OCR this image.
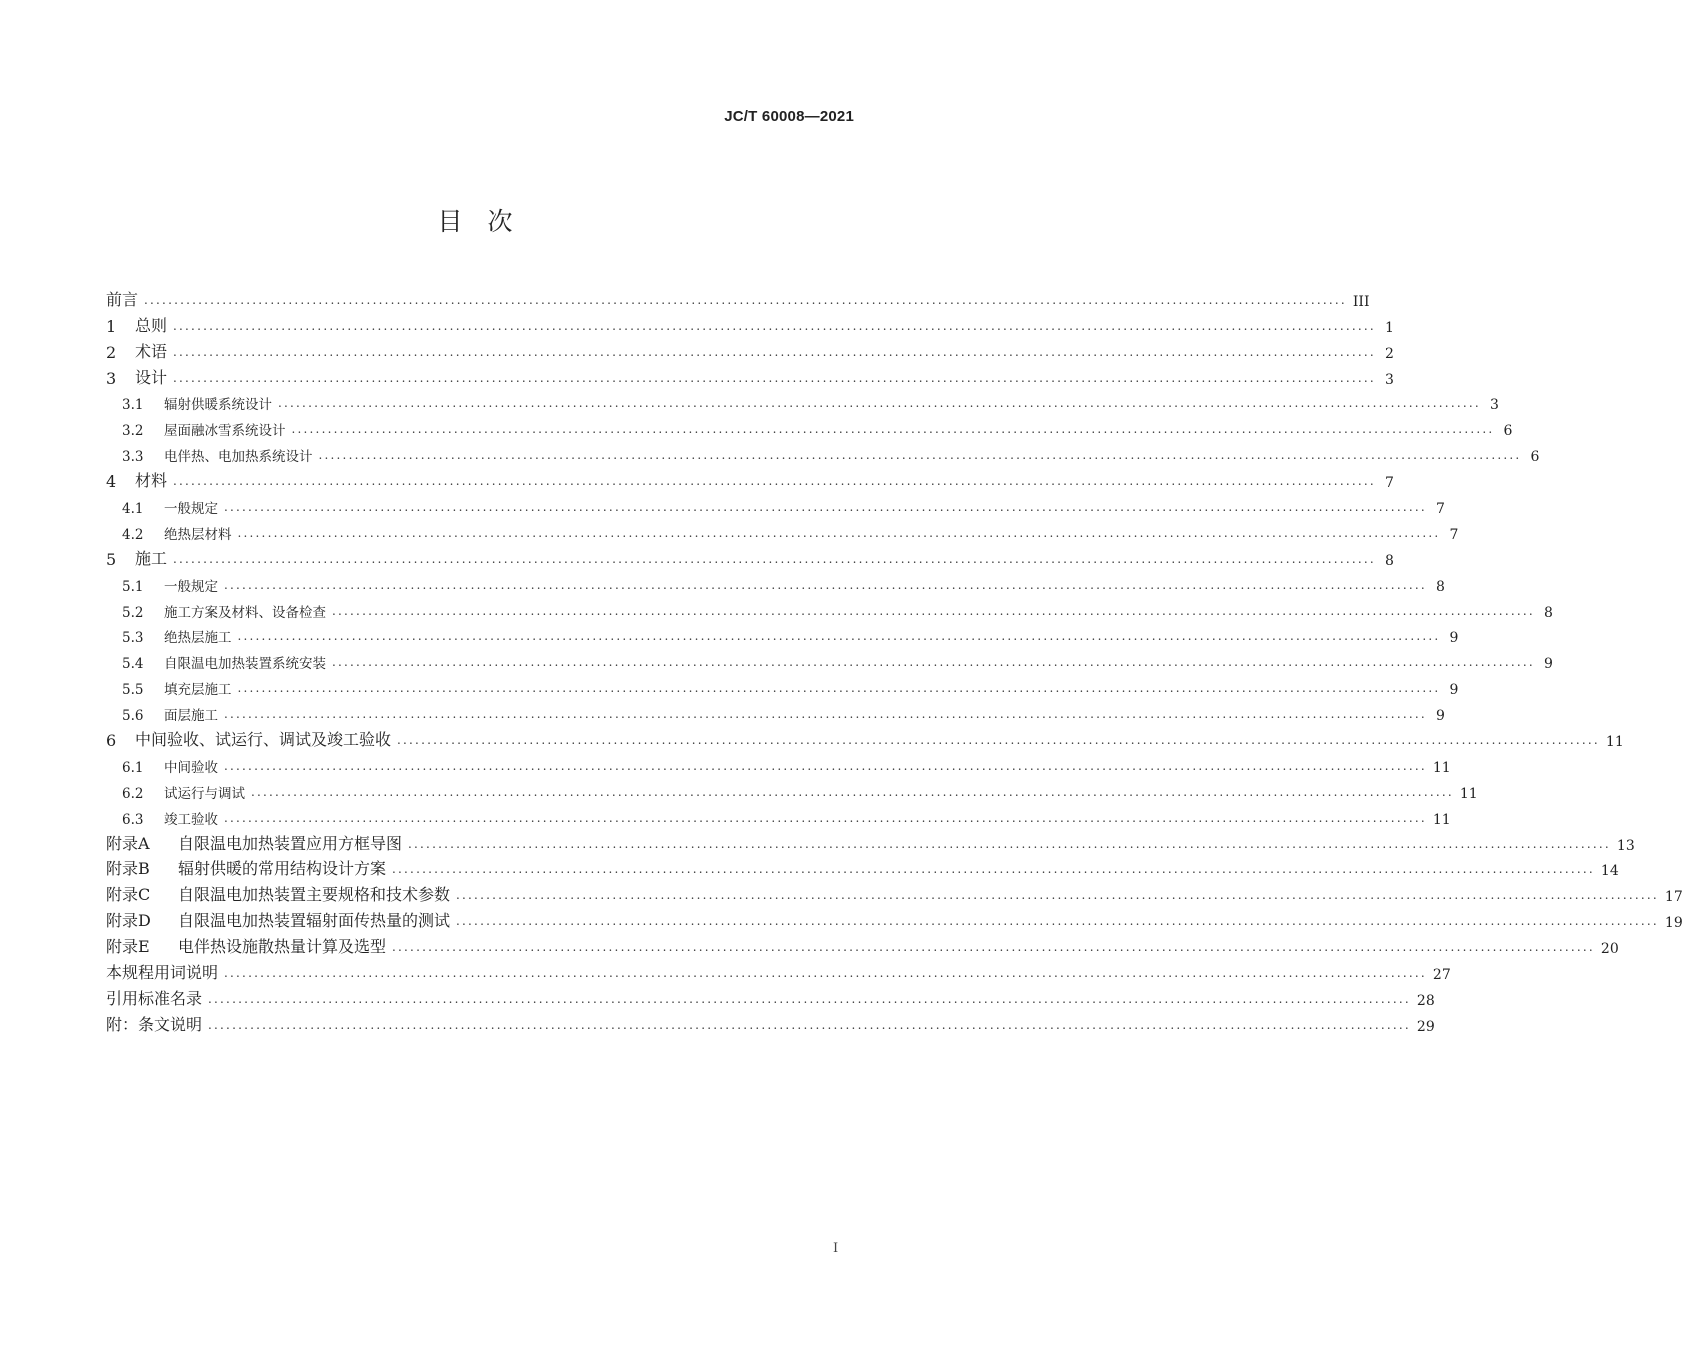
JC/T 60008—2021
目　次
前言 ........................................................................................................................................................................................................ III
1	总则 ........................................................................................................................................................................................................ 1
2	术语 ........................................................................................................................................................................................................ 2
3	设计 ........................................................................................................................................................................................................ 3
3.1	辐射供暖系统设计 ........................................................................................................................................................................................................ 3
3.2	屋面融冰雪系统设计 ........................................................................................................................................................................................................ 6
3.3	电伴热、电加热系统设计 ........................................................................................................................................................................................................ 6
4	材料 ........................................................................................................................................................................................................ 7
4.1	一般规定 ........................................................................................................................................................................................................ 7
4.2	绝热层材料 ........................................................................................................................................................................................................ 7
5	施工 ........................................................................................................................................................................................................ 8
5.1	一般规定 ........................................................................................................................................................................................................ 8
5.2	施工方案及材料、设备检查 ........................................................................................................................................................................................................ 8
5.3	绝热层施工 ........................................................................................................................................................................................................ 9
5.4	自限温电加热装置系统安装 ........................................................................................................................................................................................................ 9
5.5	填充层施工 ........................................................................................................................................................................................................ 9
5.6	面层施工 ........................................................................................................................................................................................................ 9
6	中间验收、试运行、调试及竣工验收 ........................................................................................................................................................................................................ 11
6.1	中间验收 ........................................................................................................................................................................................................ 11
6.2	试运行与调试 ........................................................................................................................................................................................................ 11
6.3	竣工验收 ........................................................................................................................................................................................................ 11
附录A	自限温电加热装置应用方框导图 ........................................................................................................................................................................................................ 13
附录B	辐射供暖的常用结构设计方案 ........................................................................................................................................................................................................ 14
附录C	自限温电加热装置主要规格和技术参数 ........................................................................................................................................................................................................ 17
附录D	自限温电加热装置辐射面传热量的测试 ........................................................................................................................................................................................................ 19
附录E	电伴热设施散热量计算及选型 ........................................................................................................................................................................................................ 20
本规程用词说明 ........................................................................................................................................................................................................ 27
引用标准名录 ........................................................................................................................................................................................................ 28
附：条文说明 ........................................................................................................................................................................................................ 29
I
